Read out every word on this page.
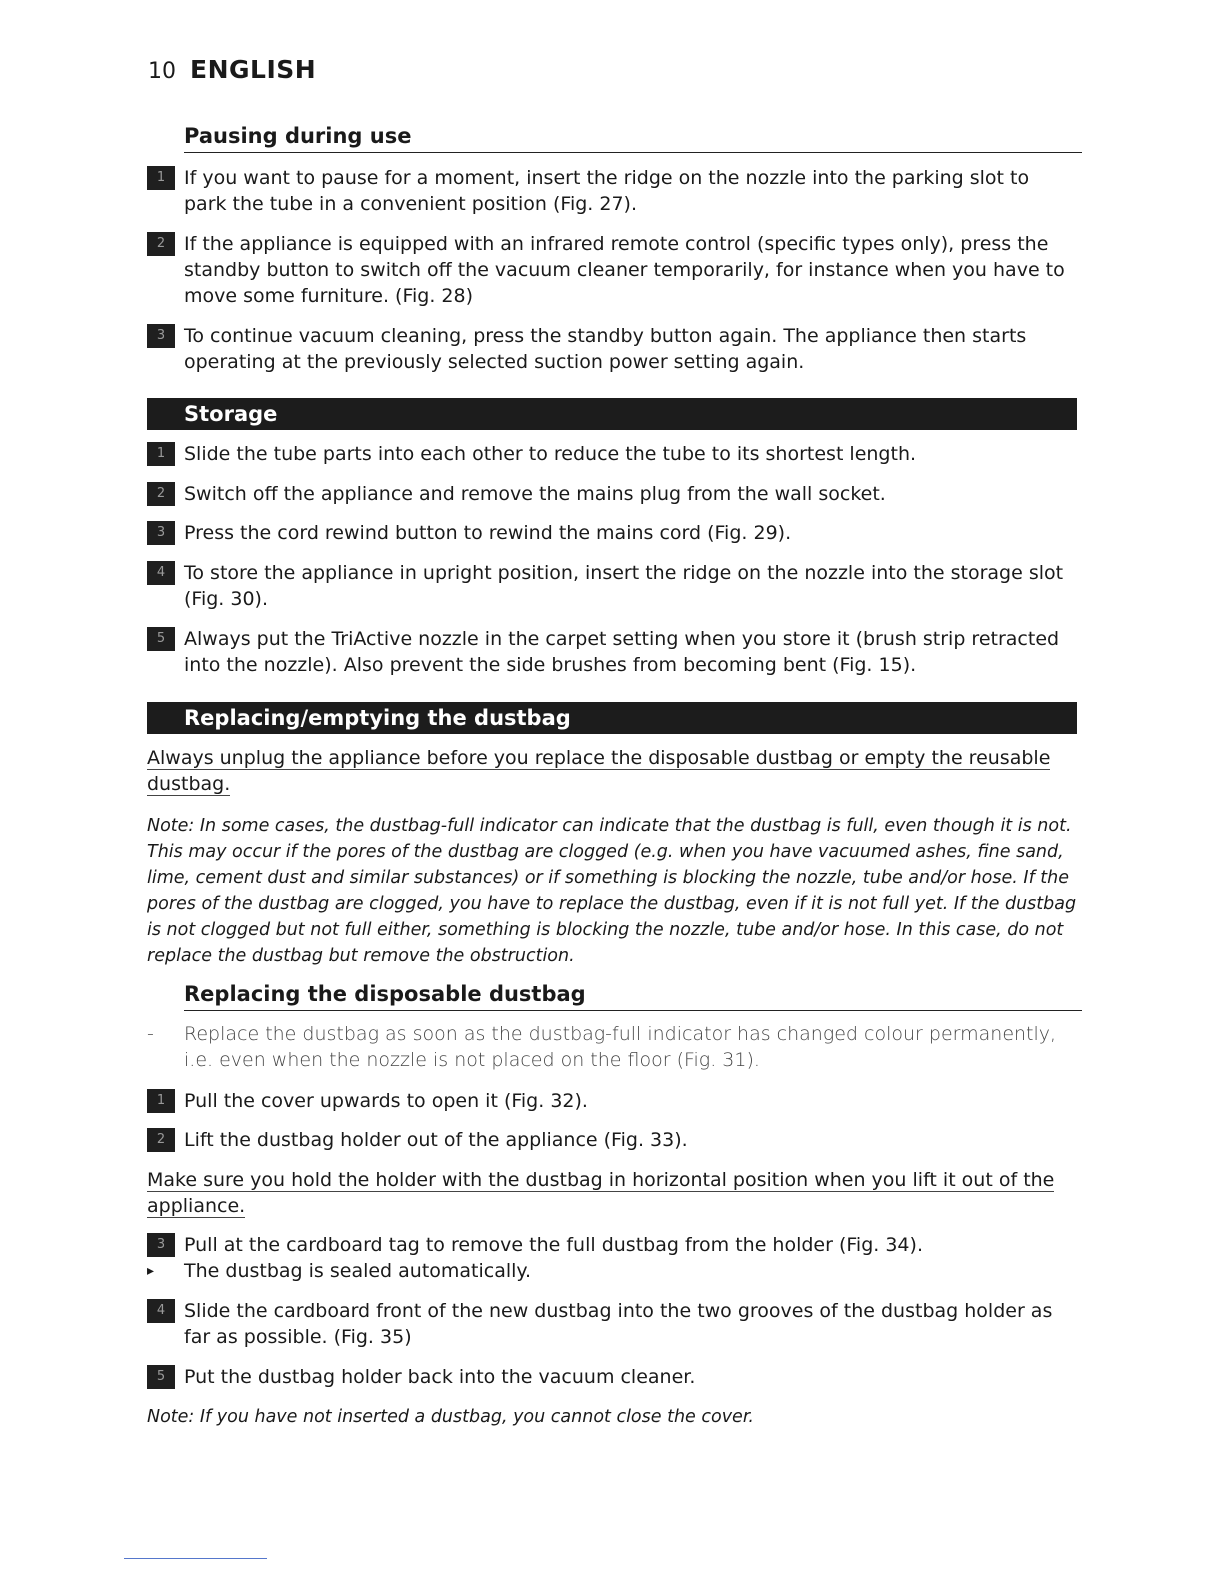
10 ENGLISH
Pausing during use
1 If you want to pause for a moment, insert the ridge on the nozzle into the parking slot to park the tube in a convenient position (Fig. 27).
2 If the appliance is equipped with an infrared remote control (specific types only), press the standby button to switch off the vacuum cleaner temporarily, for instance when you have to move some furniture. (Fig. 28)
3 To continue vacuum cleaning, press the standby button again. The appliance then starts operating at the previously selected suction power setting again.
Storage
1 Slide the tube parts into each other to reduce the tube to its shortest length.
2 Switch off the appliance and remove the mains plug from the wall socket.
3 Press the cord rewind button to rewind the mains cord (Fig. 29).
4 To store the appliance in upright position, insert the ridge on the nozzle into the storage slot (Fig. 30).
5 Always put the TriActive nozzle in the carpet setting when you store it (brush strip retracted into the nozzle). Also prevent the side brushes from becoming bent (Fig. 15).
Replacing/emptying the dustbag
Always unplug the appliance before you replace the disposable dustbag or empty the reusable dustbag.
Note: In some cases, the dustbag-full indicator can indicate that the dustbag is full, even though it is not. This may occur if the pores of the dustbag are clogged (e.g. when you have vacuumed ashes, fine sand, lime, cement dust and similar substances) or if something is blocking the nozzle, tube and/or hose. If the pores of the dustbag are clogged, you have to replace the dustbag, even if it is not full yet. If the dustbag is not clogged but not full either, something is blocking the nozzle, tube and/or hose. In this case, do not replace the dustbag but remove the obstruction.
Replacing the disposable dustbag
-	Replace the dustbag as soon as the dustbag-full indicator has changed colour permanently, i.e. even when the nozzle is not placed on the floor (Fig. 31).
1 Pull the cover upwards to open it (Fig. 32).
2 Lift the dustbag holder out of the appliance (Fig. 33).
Make sure you hold the holder with the dustbag in horizontal position when you lift it out of the appliance.
3 Pull at the cardboard tag to remove the full dustbag from the holder (Fig. 34).
▸	The dustbag is sealed automatically.
4 Slide the cardboard front of the new dustbag into the two grooves of the dustbag holder as far as possible. (Fig. 35)
5 Put the dustbag holder back into the vacuum cleaner.
Note: If you have not inserted a dustbag, you cannot close the cover.
